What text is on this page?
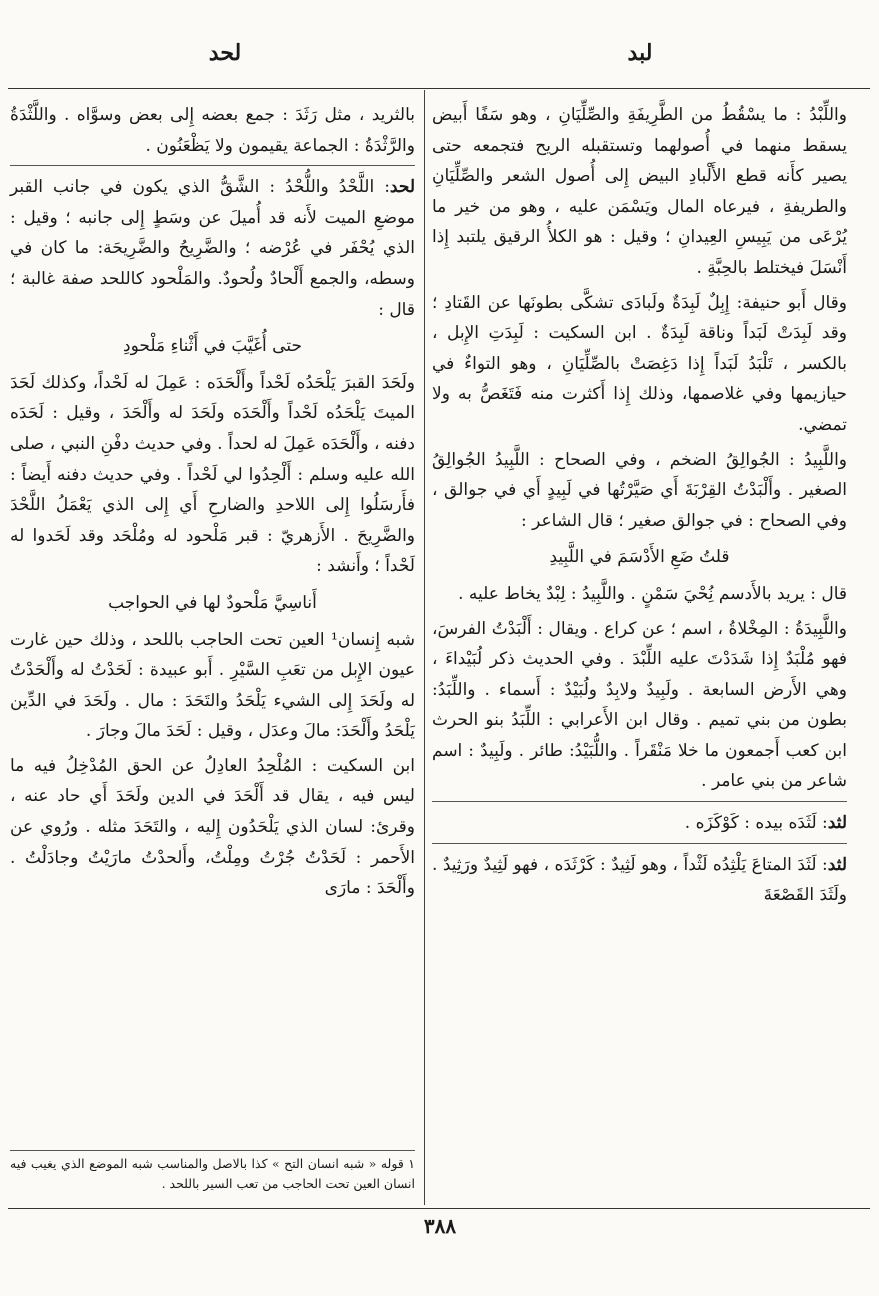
لبد
لحد

واللِّبْدُ : ما يسْقُطُ من الطَّرِيفَةِ والصِّلِّيَانِ ، وهو سَفًا أَبيض يسقط منهما في أُصولهما وتستقبله الريح فتجمعه حتى يصير كأَنه قطع الأَلْبادِ البيض إِلى أُصول الشعر والصِّلِّيَانِ والطريفةِ ، فيرعاه المال ويَسْمَن عليه ، وهو من خير ما يُرْعَى من يَبِيسِ العِيدانِ ؛ وقيل : هو الكلأُ الرقيق يلتبد إِذا أَنْسَلَ فيختلط بالحِبَّةِ .

وقال أَبو حنيفة: إِبِلٌ لَبِدَةٌ ولَبادَى تشكَّى بطونَها عن القَتادِ ؛ وقد لَبِدَتْ لَبَداً وناقة لَبِدَةٌ . ابن السكيت : لَبِدَتِ الإِبل ، بالكسر ، تَلْبَدُ لَبَداً إِذا دَغِصَتْ بالصِّلِّيَانِ ، وهو التواءٌ في حيازيمها وفي غلاصمها، وذلك إِذا أَكثرت منه فَتَغَصُّ به ولا تمضي.

واللَّبِيدُ : الجُوالِقُ الضخم ، وفي الصحاح : اللَّبِيدُ الجُوالِقُ الصغير . وأَلْبَدْتُ القِرْبَةَ أَي صَيَّرْتُها في لَبِيدٍ أَي في جوالق ، وفي الصحاح : في جوالق صغير ؛ قال الشاعر :

قلتُ ضَعِ الأَدْسَمَ في اللَّبِيدِ

قال : يريد بالأَدسم نُِحْيَ سَمْنٍ . واللَّبِيدُ : لِبْدٌ يخاط عليه .

واللَّبِيدَةُ : المِخْلاةُ ، اسم ؛ عن كراع . ويقال : أَلْبَدْتُ الفرسَ، فهو مُلْبَدٌ إِذا شَدَدْتَ عليه اللِّبْدَ . وفي الحديث ذكر لُبَيْداءَ ، وهي الأَرض السابعة . ولَبِيدٌ ولابِدٌ ولُبَيْدٌ : أَسماء . واللِّبَدُ: بطون من بني تميم . وقال ابن الأَعرابي : اللِّبَدُ بنو الحرث ابن كعب أَجمعون ما خلا مَنْقَراً . واللُّبَيْدُ: طائر . ولَبِيدٌ : اسم شاعر من بني عامر .

لثد: لَثَدَه بيده : كَوْكَزَه .

لثد: لَثَدَ المتاعَ يَلْثِدُه لَثْداً ، وهو لَثِيدٌ : كَرْثَدَه ، فهو لَثِيدٌ ورَثِيدٌ . ولَثَدَ القَصْعَةَ

بالثريد ، مثل رَثَدَ : جمع بعضه إِلى بعض وسوَّاه . واللَّثْدَةُ والرَّثْدَةُ : الجماعة يقيمون ولا يَظْعَنُون .

لحد: اللَّحْدُ واللُّحْدُ : الشَّقُّ الذي يكون في جانب القبر موضعِ الميت لأَنه قد أُميلَ عن وسَطٍ إِلى جانبه ؛ وقيل : الذي يُحْفَر في عُرْضه ؛ والضَّرِيحُ والضَّرِيحَة: ما كان في وسطه، والجمع أَلْحادٌ ولُحودٌ. والمَلْحود كاللحد صفة غالبة ؛ قال :

حتى أُغَيَّبَ في أَثْناءِ مَلْحودِ

ولَحَدَ القبرَ يَلْحَدُه لَحْداً وأَلْحَدَه : عَمِلَ له لَحْداً، وكذلك لَحَدَ الميتَ يَلْحَدُه لَحْداً وأَلْحَدَه ولَحَدَ له وأَلْحَدَ ، وقيل : لَحَدَه دفنه ، وأَلْحَدَه عَمِلَ له لحداً . وفي حديث دفْنِ النبي ، صلى الله عليه وسلم : أَلْحِدُوا لي لَحْداً . وفي حديث دفنه أَيضاً : فأَرسَلُوا إِلى اللاحدِ والضارحِ أَي إِلى الذي يَعْمَلُ اللَّحْدَ والضَّرِيحَ . الأَزهريّ : قبر مَلْحود له ومُلْحَد وقد لَحَدوا له لَحْداً ؛ وأَنشد :

أَناسِيَّ مَلْحودٌ لها في الحواجب

شبه إِنسان¹ العين تحت الحاجب باللحد ، وذلك حين غارت عيون الإِبل من تعَبِ السَّيْرِ . أَبو عبيدة : لَحَدْتُ له وأَلْحَدْتُ له ولَحَدَ إِلى الشيء يَلْحَدُ والتَحَدَ : مال . ولَحَدَ في الدِّين يَلْحَدُ وأَلْحَدَ: مالَ وعدَل ، وقيل : لَحَدَ مالَ وجارَ .

ابن السكيت : المُلْحِدُ العادِلُ عن الحق المُدْخِلُ فيه ما ليس فيه ، يقال قد أَلْحَدَ في الدين ولَحَدَ أَي حاد عنه ، وقرئ: لسان الذي يَلْحَدُون إِليه ، والتَحَدَ مثله . ورُوي عن الأَحمر : لَحَدْتُ جُرْتُ ومِلْتُ، وأَلحدْتُ مارَيْتُ وجادَلْتُ . وأَلْحَدَ : مارَى

١ قوله « شبه انسان التح » كذا بالاصل والمناسب شبه الموضع الذي يغيب فيه انسان العين تحت الحاجب من تعب السير باللحد .
٣٨٨
